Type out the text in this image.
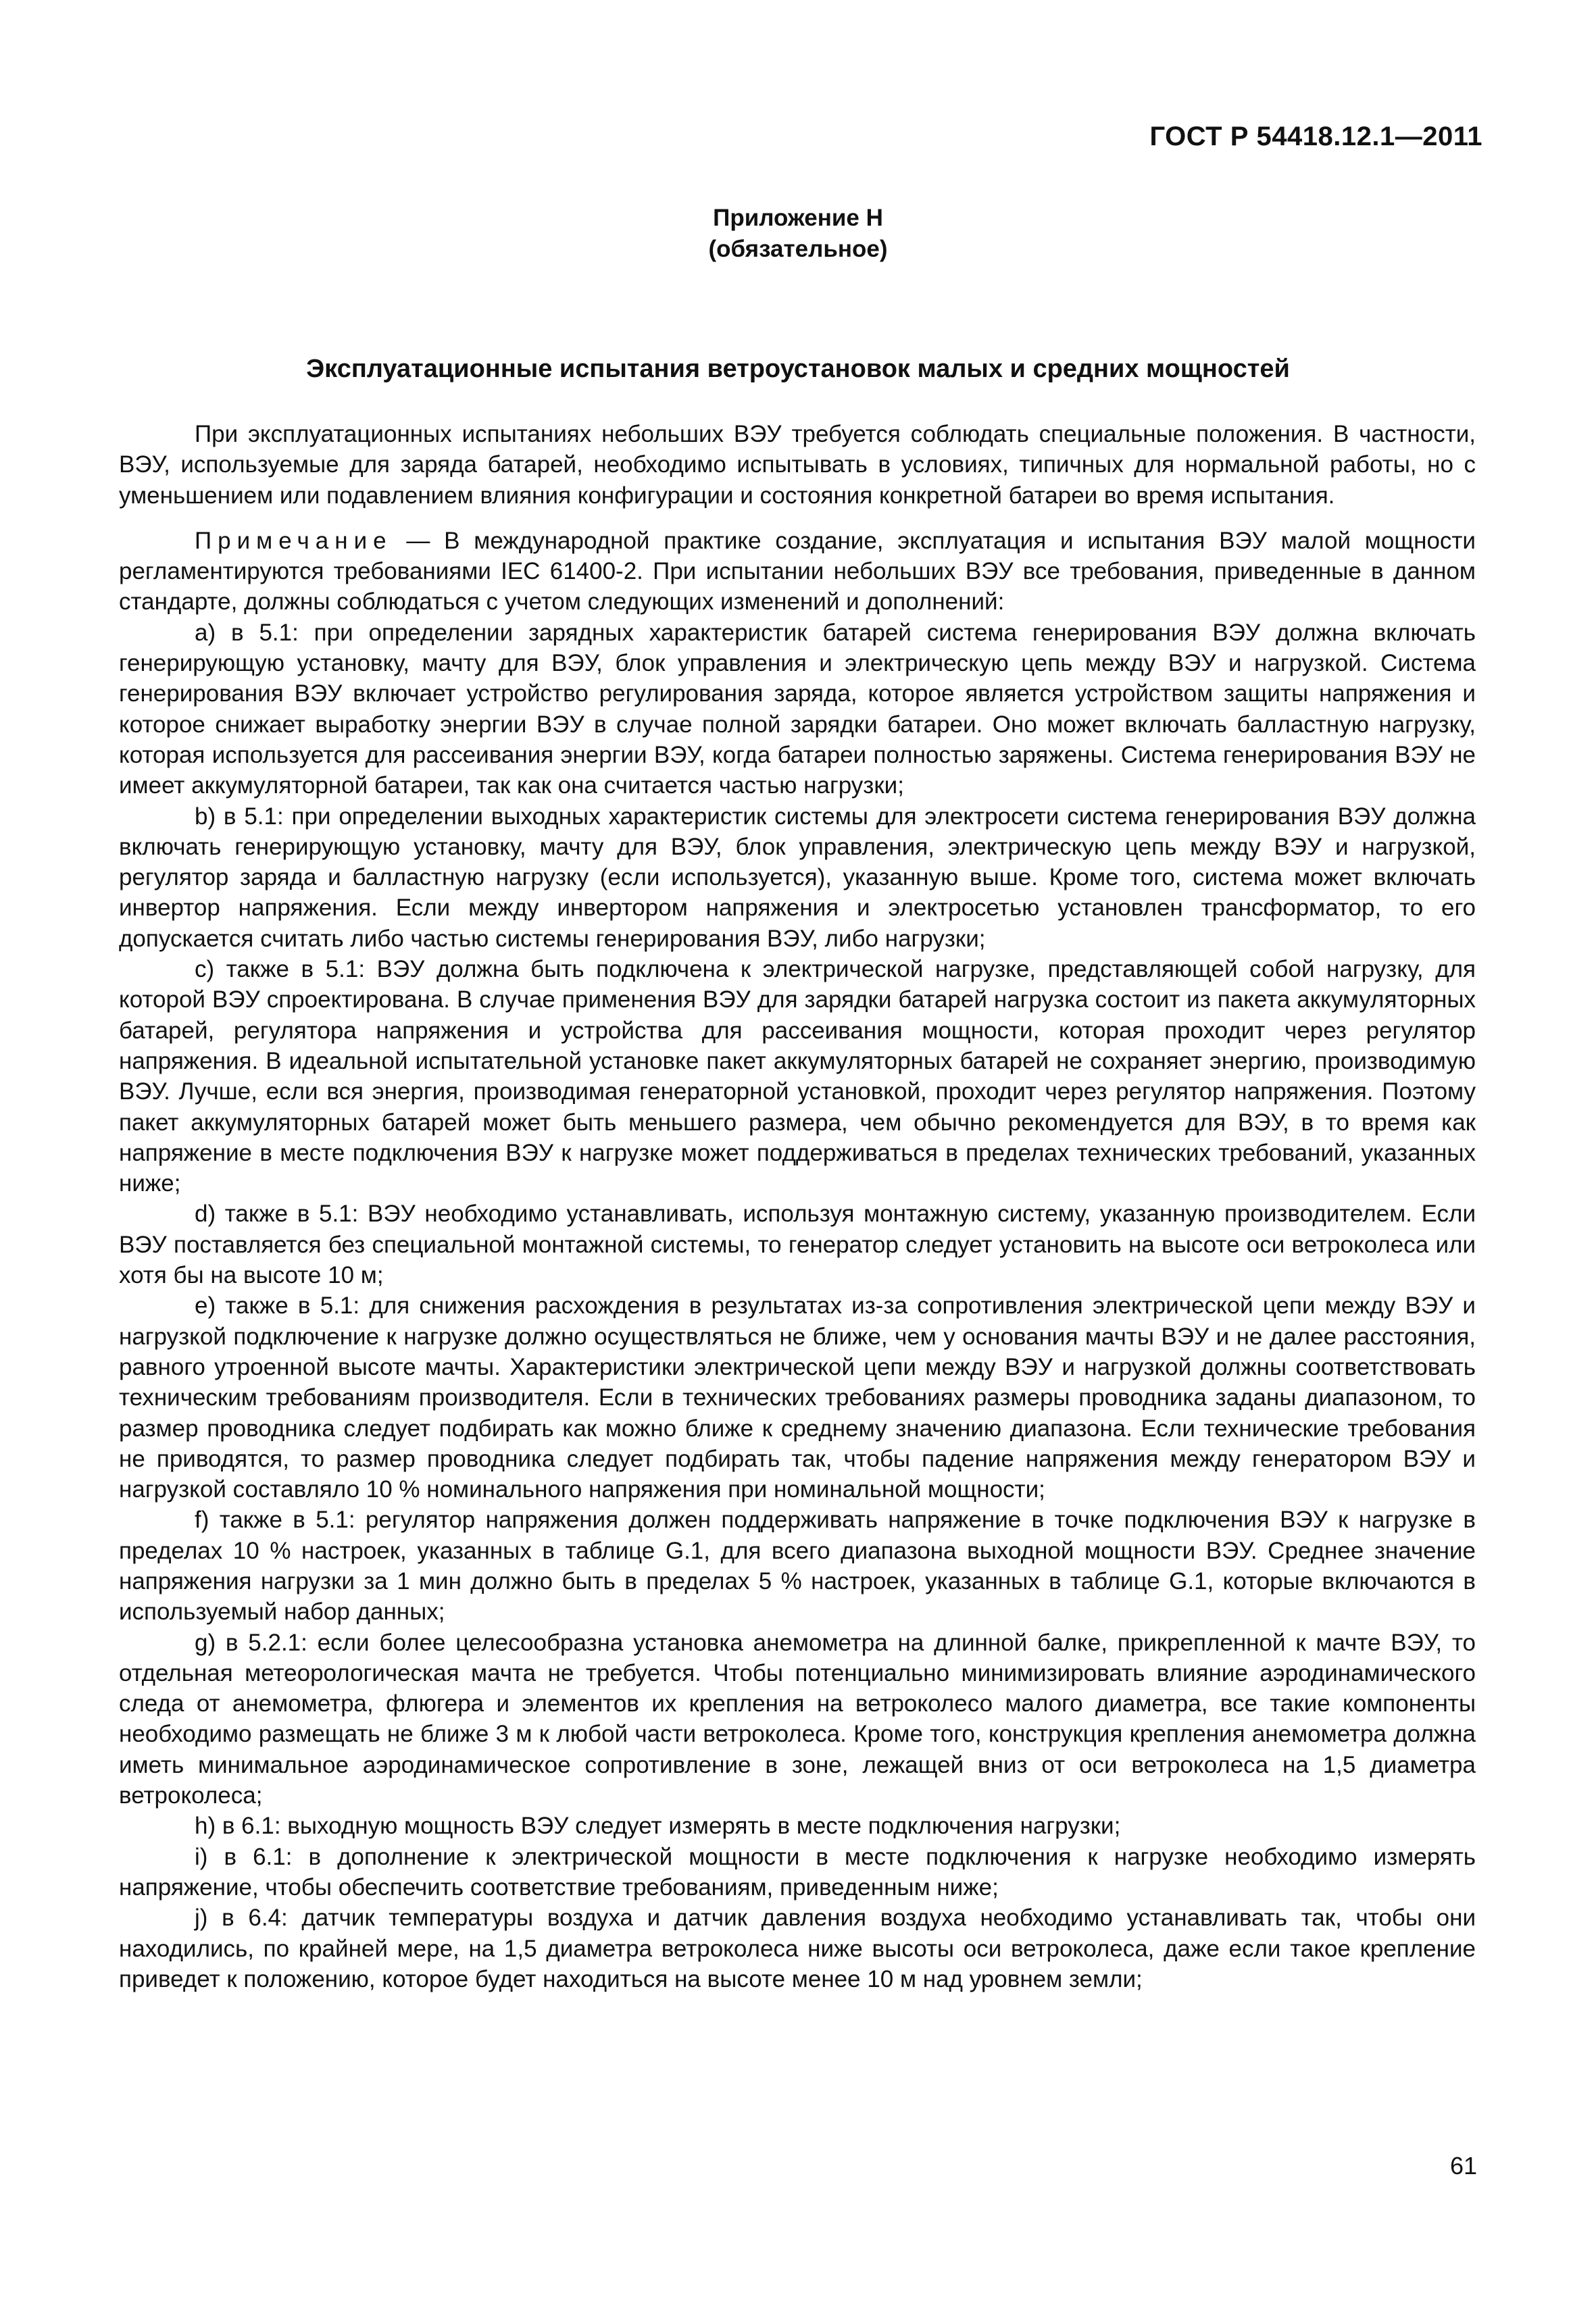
ГОСТ Р 54418.12.1—2011
Приложение Н
(обязательное)
Эксплуатационные испытания ветроустановок малых и средних мощностей

При эксплуатационных испытаниях небольших ВЭУ требуется соблюдать специальные положения. В частности, ВЭУ, используемые для заряда батарей, необходимо испытывать в условиях, типичных для нормальной работы, но с уменьшением или подавлением влияния конфигурации и состояния конкретной батареи во время испытания.

Примечание — В международной практике создание, эксплуатация и испытания ВЭУ малой мощности регламентируются требованиями IEC 61400-2. При испытании небольших ВЭУ все требования, приведенные в данном стандарте, должны соблюдаться с учетом следующих изменений и дополнений:

а) в 5.1: при определении зарядных характеристик батарей система генерирования ВЭУ должна включать генерирующую установку, мачту для ВЭУ, блок управления и электрическую цепь между ВЭУ и нагрузкой. Система генерирования ВЭУ включает устройство регулирования заряда, которое является устройством защиты напряжения и которое снижает выработку энергии ВЭУ в случае полной зарядки батареи. Оно может включать балластную нагрузку, которая используется для рассеивания энергии ВЭУ, когда батареи полностью заряжены. Система генерирования ВЭУ не имеет аккумуляторной батареи, так как она считается частью нагрузки;

b) в 5.1: при определении выходных характеристик системы для электросети система генерирования ВЭУ должна включать генерирующую установку, мачту для ВЭУ, блок управления, электрическую цепь между ВЭУ и нагрузкой, регулятор заряда и балластную нагрузку (если используется), указанную выше. Кроме того, система может включать инвертор напряжения. Если между инвертором напряжения и электросетью установлен трансформатор, то его допускается считать либо частью системы генерирования ВЭУ, либо нагрузки;

с) также в 5.1: ВЭУ должна быть подключена к электрической нагрузке, представляющей собой нагрузку, для которой ВЭУ спроектирована. В случае применения ВЭУ для зарядки батарей нагрузка состоит из пакета аккумуляторных батарей, регулятора напряжения и устройства для рассеивания мощности, которая проходит через регулятор напряжения. В идеальной испытательной установке пакет аккумуляторных батарей не сохраняет энергию, производимую ВЭУ. Лучше, если вся энергия, производимая генераторной установкой, проходит через регулятор напряжения. Поэтому пакет аккумуляторных батарей может быть меньшего размера, чем обычно рекомендуется для ВЭУ, в то время как напряжение в месте подключения ВЭУ к нагрузке может поддерживаться в пределах технических требований, указанных ниже;

d) также в 5.1: ВЭУ необходимо устанавливать, используя монтажную систему, указанную производителем. Если ВЭУ поставляется без специальной монтажной системы, то генератор следует установить на высоте оси ветроколеса или хотя бы на высоте 10 м;

е) также в 5.1: для снижения расхождения в результатах из-за сопротивления электрической цепи между ВЭУ и нагрузкой подключение к нагрузке должно осуществляться не ближе, чем у основания мачты ВЭУ и не далее расстояния, равного утроенной высоте мачты. Характеристики электрической цепи между ВЭУ и нагрузкой должны соответствовать техническим требованиям производителя. Если в технических требованиях размеры проводника заданы диапазоном, то размер проводника следует подбирать как можно ближе к среднему значению диапазона. Если технические требования не приводятся, то размер проводника следует подбирать так, чтобы падение напряжения между генератором ВЭУ и нагрузкой составляло 10 % номинального напряжения при номинальной мощности;

f) также в 5.1: регулятор напряжения должен поддерживать напряжение в точке подключения ВЭУ к нагрузке в пределах 10 % настроек, указанных в таблице G.1, для всего диапазона выходной мощности ВЭУ. Среднее значение напряжения нагрузки за 1 мин должно быть в пределах 5 % настроек, указанных в таблице G.1, которые включаются в используемый набор данных;

g) в 5.2.1: если более целесообразна установка анемометра на длинной балке, прикрепленной к мачте ВЭУ, то отдельная метеорологическая мачта не требуется. Чтобы потенциально минимизировать влияние аэродинамического следа от анемометра, флюгера и элементов их крепления на ветроколесо малого диаметра, все такие компоненты необходимо размещать не ближе 3 м к любой части ветроколеса. Кроме того, конструкция крепления анемометра должна иметь минимальное аэродинамическое сопротивление в зоне, лежащей вниз от оси ветроколеса на 1,5 диаметра ветроколеса;

h) в 6.1: выходную мощность ВЭУ следует измерять в месте подключения нагрузки;

i) в 6.1: в дополнение к электрической мощности в месте подключения к нагрузке необходимо измерять напряжение, чтобы обеспечить соответствие требованиям, приведенным ниже;

j) в 6.4: датчик температуры воздуха и датчик давления воздуха необходимо устанавливать так, чтобы они находились, по крайней мере, на 1,5 диаметра ветроколеса ниже высоты оси ветроколеса, даже если такое крепление приведет к положению, которое будет находиться на высоте менее 10 м над уровнем земли;

61
